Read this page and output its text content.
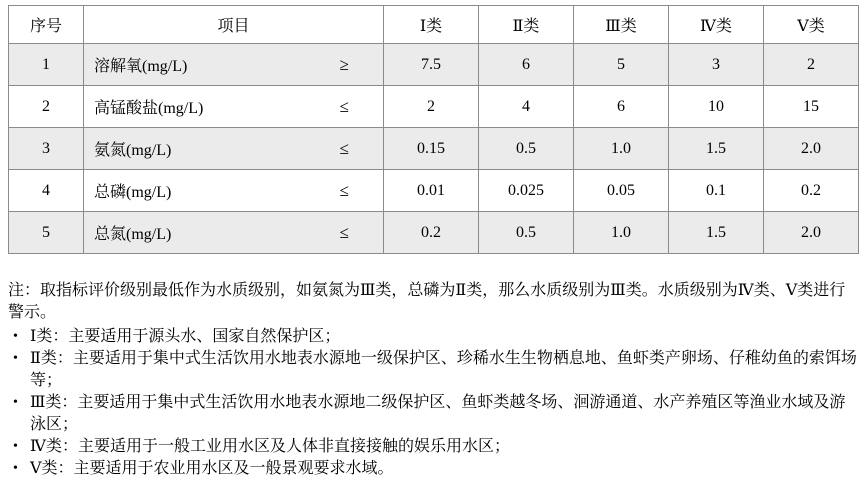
序号	项目	Ⅰ类	Ⅱ类	Ⅲ类	Ⅳ类	Ⅴ类
1	溶解氧(mg/L) ≥	7.5	6	5	3	2
2	高锰酸盐(mg/L) ≤	2	4	6	10	15
3	氨氮(mg/L) ≤	0.15	0.5	1.0	1.5	2.0
4	总磷(mg/L) ≤	0.01	0.025	0.05	0.1	0.2
5	总氮(mg/L) ≤	0.2	0.5	1.0	1.5	2.0

注：取指标评价级别最低作为水质级别，如氨氮为Ⅲ类，总磷为Ⅱ类，那么水质级别为Ⅲ类。水质级别为Ⅳ类、Ⅴ类进行警示。

• Ⅰ类：主要适用于源头水、国家自然保护区；
• Ⅱ类：主要适用于集中式生活饮用水地表水源地一级保护区、珍稀水生生物栖息地、鱼虾类产卵场、仔稚幼鱼的索饵场等；
• Ⅲ类：主要适用于集中式生活饮用水地表水源地二级保护区、鱼虾类越冬场、洄游通道、水产养殖区等渔业水域及游泳区；
• Ⅳ类：主要适用于一般工业用水区及人体非直接接触的娱乐用水区；
• Ⅴ类：主要适用于农业用水区及一般景观要求水域。
